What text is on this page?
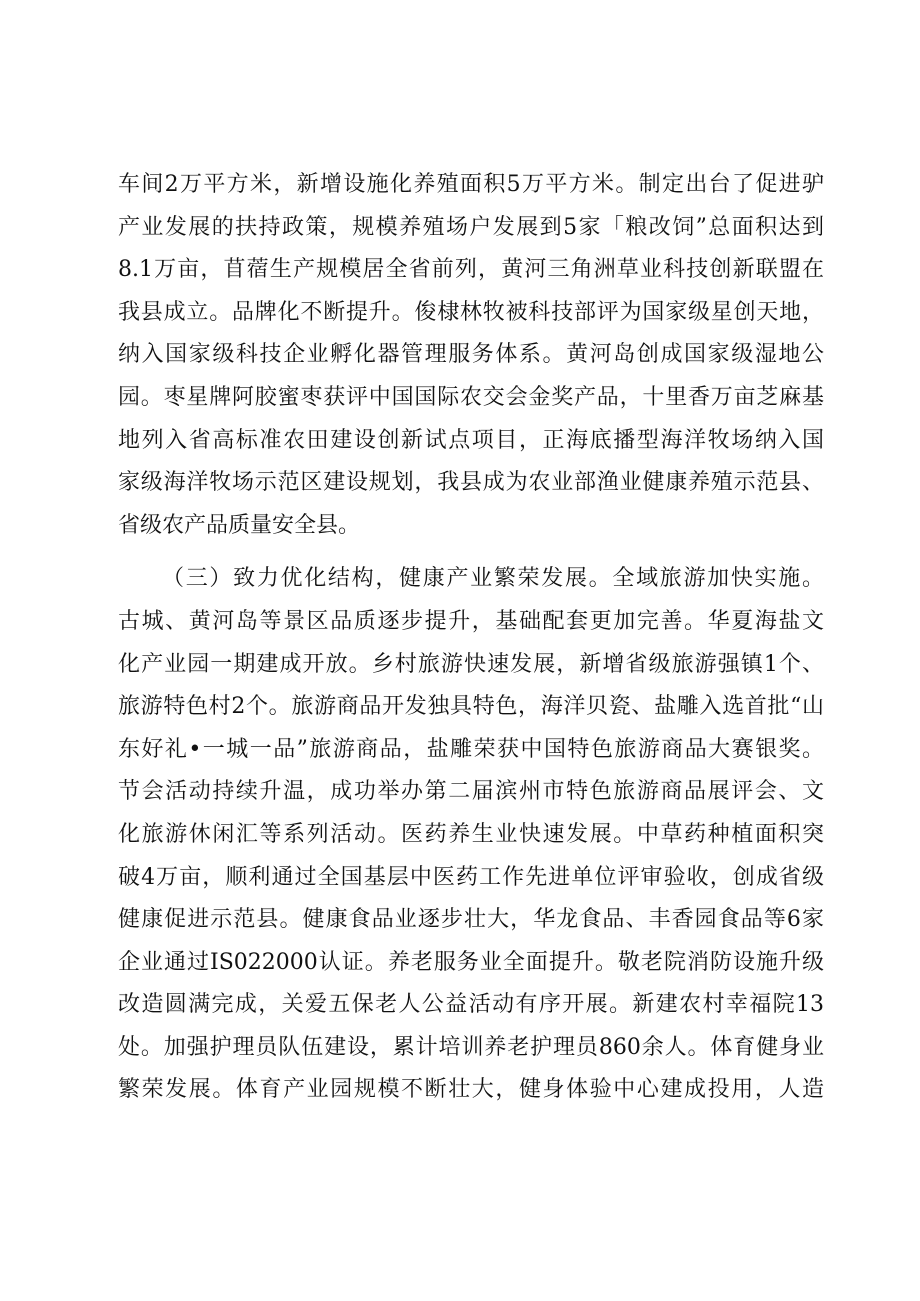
车间2万平方米，新增设施化养殖面积5万平方米。制定出台了促进驴
产业发展的扶持政策，规模养殖场户发展到5家「粮改饲”总面积达到
8.1万亩，苜蓿生产规模居全省前列，黄河三角洲草业科技创新联盟在
我县成立。品牌化不断提升。俊棣林牧被科技部评为国家级星创天地，
纳入国家级科技企业孵化器管理服务体系。黄河岛创成国家级湿地公
园。枣星牌阿胶蜜枣获评中国国际农交会金奖产品，十里香万亩芝麻基
地列入省高标准农田建设创新试点项目，正海底播型海洋牧场纳入国
家级海洋牧场示范区建设规划，我县成为农业部渔业健康养殖示范县、
省级农产品质量安全县。
（三）致力优化结构，健康产业繁荣发展。全域旅游加快实施。
古城、黄河岛等景区品质逐步提升，基础配套更加完善。华夏海盐文
化产业园一期建成开放。乡村旅游快速发展，新增省级旅游强镇1个、
旅游特色村2个。旅游商品开发独具特色，海洋贝瓷、盐雕入选首批“山
东好礼•一城一品”旅游商品，盐雕荣获中国特色旅游商品大赛银奖。
节会活动持续升温，成功举办第二届滨州市特色旅游商品展评会、文
化旅游休闲汇等系列活动。医药养生业快速发展。中草药种植面积突
破4万亩，顺利通过全国基层中医药工作先进单位评审验收，创成省级
健康促进示范县。健康食品业逐步壮大，华龙食品、丰香园食品等6家
企业通过IS022000认证。养老服务业全面提升。敬老院消防设施升级
改造圆满完成，关爱五保老人公益活动有序开展。新建农村幸福院13
处。加强护理员队伍建设，累计培训养老护理员860余人。体育健身业
繁荣发展。体育产业园规模不断壮大，健身体验中心建成投用，人造
